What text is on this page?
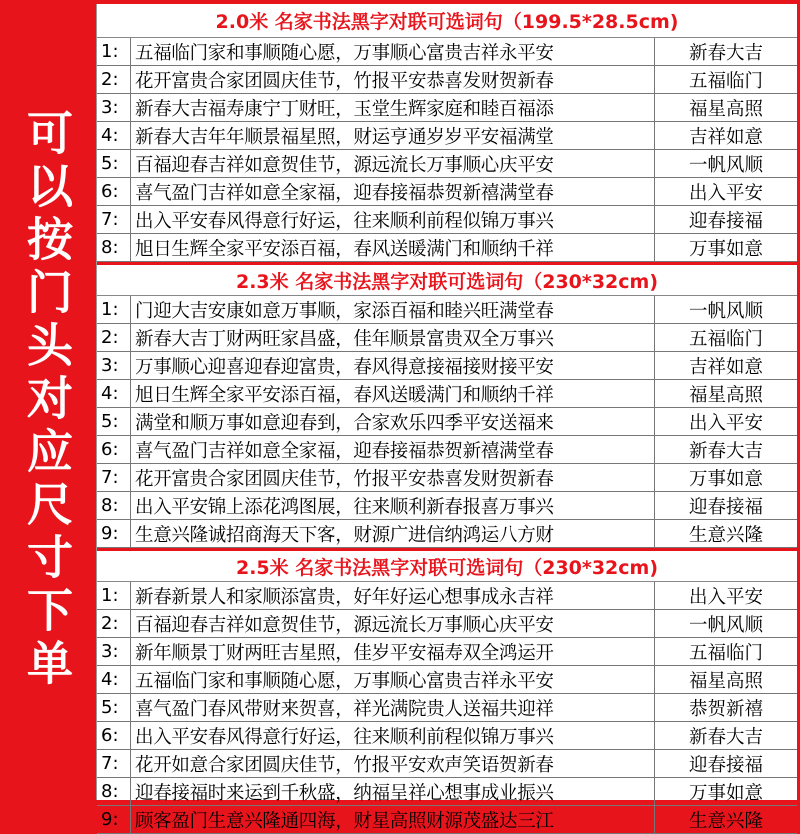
可以按门头对应尺寸下单
2.0米 名家书法黑字对联可选词句（199.5*28.5cm)
1: 五福临门家和事顺随心愿，万事顺心富贵吉祥永平安	新春大吉
2: 花开富贵合家团圆庆佳节，竹报平安恭喜发财贺新春	五福临门
3: 新春大吉福寿康宁丁财旺，玉堂生辉家庭和睦百福添	福星高照
4: 新春大吉年年顺景福星照，财运亨通岁岁平安福满堂	吉祥如意
5: 百福迎春吉祥如意贺佳节，源远流长万事顺心庆平安	一帆风顺
6: 喜气盈门吉祥如意全家福，迎春接福恭贺新禧满堂春	出入平安
7: 出入平安春风得意行好运，往来顺利前程似锦万事兴	迎春接福
8: 旭日生辉全家平安添百福，春风送暖满门和顺纳千祥	万事如意
2.3米 名家书法黑字对联可选词句（230*32cm)
1: 门迎大吉安康如意万事顺，家添百福和睦兴旺满堂春	一帆风顺
2: 新春大吉丁财两旺家昌盛，佳年顺景富贵双全万事兴	五福临门
3: 万事顺心迎喜迎春迎富贵，春风得意接福接财接平安	吉祥如意
4: 旭日生辉全家平安添百福，春风送暖满门和顺纳千祥	福星高照
5: 满堂和顺万事如意迎春到，合家欢乐四季平安送福来	出入平安
6: 喜气盈门吉祥如意全家福，迎春接福恭贺新禧满堂春	新春大吉
7: 花开富贵合家团圆庆佳节，竹报平安恭喜发财贺新春	万事如意
8: 出入平安锦上添花鸿图展，往来顺利新春报喜万事兴	迎春接福
9: 生意兴隆诚招商海天下客，财源广进信纳鸿运八方财	生意兴隆
2.5米 名家书法黑字对联可选词句（230*32cm)
1: 新春新景人和家顺添富贵，好年好运心想事成永吉祥	出入平安
2: 百福迎春吉祥如意贺佳节，源远流长万事顺心庆平安	一帆风顺
3: 新年顺景丁财两旺吉星照，佳岁平安福寿双全鸿运开	五福临门
4: 五福临门家和事顺随心愿，万事顺心富贵吉祥永平安	福星高照
5: 喜气盈门春风带财来贺喜，祥光满院贵人送福共迎祥	恭贺新禧
6: 出入平安春风得意行好运，往来顺利前程似锦万事兴	新春大吉
7: 花开如意合家团圆庆佳节，竹报平安欢声笑语贺新春	迎春接福
8: 迎春接福时来运到千秋盛，纳福呈祥心想事成业振兴	万事如意
9: 顾客盈门生意兴隆通四海，财星高照财源茂盛达三江	生意兴隆
